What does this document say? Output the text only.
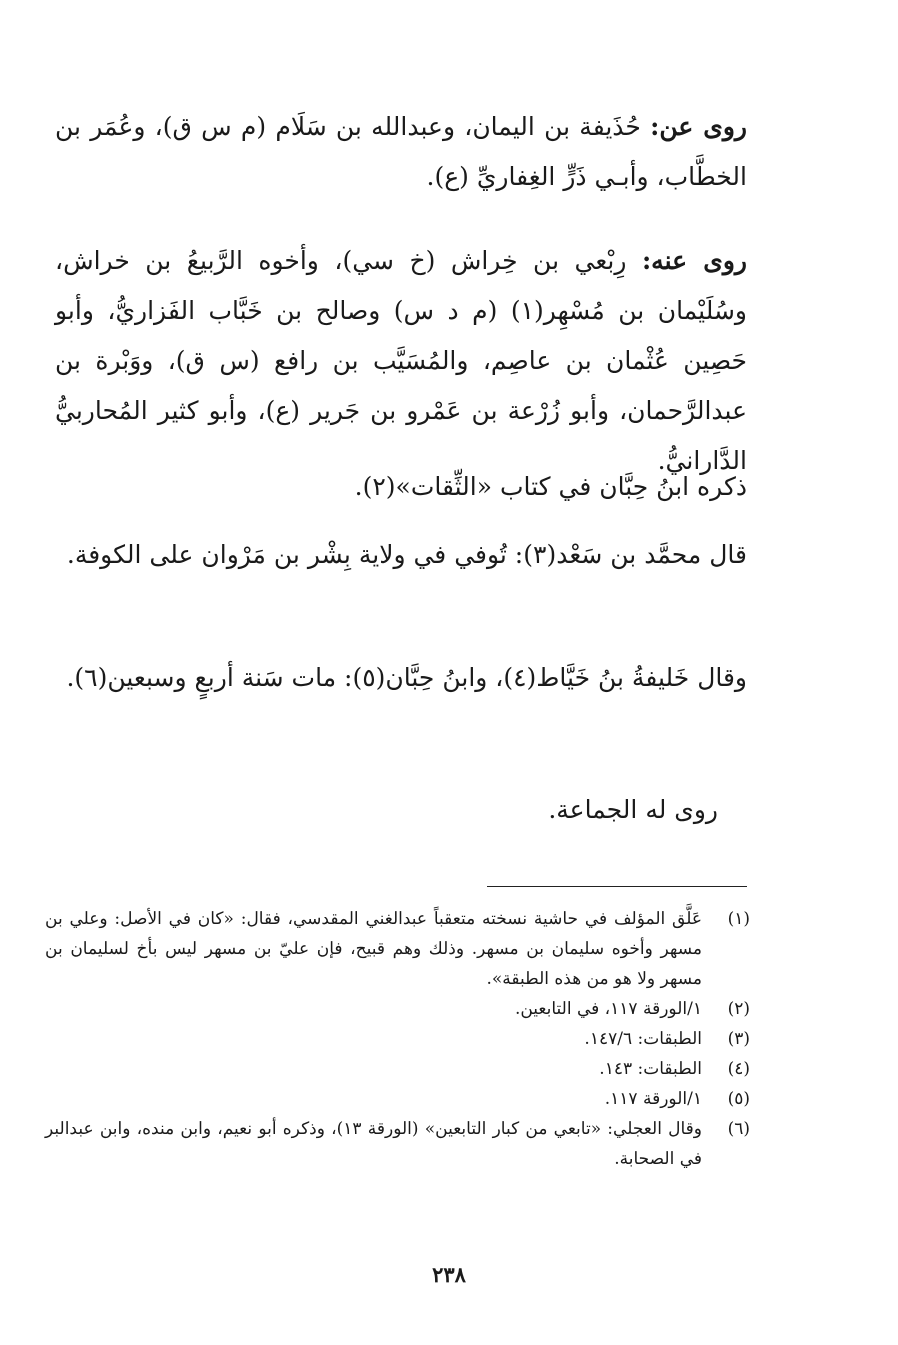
روى عن: حُذَيفة بن اليمان، وعبدالله بن سَلَام (م س ق)، وعُمَر بن الخطَّاب، وأبـي ذَرٍّ الغِفاريِّ (ع).
روى عنه: رِبْعي بن خِراش (خ سي)، وأخوه الرَّبيعُ بن خراش، وسُلَيْمان بن مُسْهِر(١) (م د س) وصالح بن خَبَّاب الفَزاريُّ، وأبو حَصِين عُثْمان بن عاصِم، والمُسَيَّب بن رافع (س ق)، ووَبْرة بن عبدالرَّحمان، وأبو زُرْعة بن عَمْرو بن جَرير (ع)، وأبو كثير المُحاربيُّ الدَّارانيُّ.
ذكره ابنُ حِبَّان في كتاب «الثِّقات»(٢).
قال محمَّد بن سَعْد(٣): تُوفي في ولاية بِشْر بن مَرْوان على الكوفة.
وقال خَليفةُ بنُ خَيَّاط(٤)، وابنُ حِبَّان(٥): مات سَنة أربعٍ وسبعين(٦).
روى له الجماعة.
(١)
عَلَّق المؤلف في حاشية نسخته متعقباً عبدالغني المقدسي، فقال: «كان في الأصل: وعلي بن مسهر وأخوه سليمان بن مسهر. وذلك وهم قبيح، فإن عليّ بن مسهر ليس بأخ لسليمان بن مسهر ولا هو من هذه الطبقة».
(٢)
١/الورقة ١١٧، في التابعين.
(٣)
الطبقات: ١٤٧/٦.
(٤)
الطبقات: ١٤٣.
(٥)
١/الورقة ١١٧.
(٦)
وقال العجلي: «تابعي من كبار التابعين» (الورقة ١٣)، وذكره أبو نعيم، وابن منده، وابن عبدالبر في الصحابة.
٢٣٨
